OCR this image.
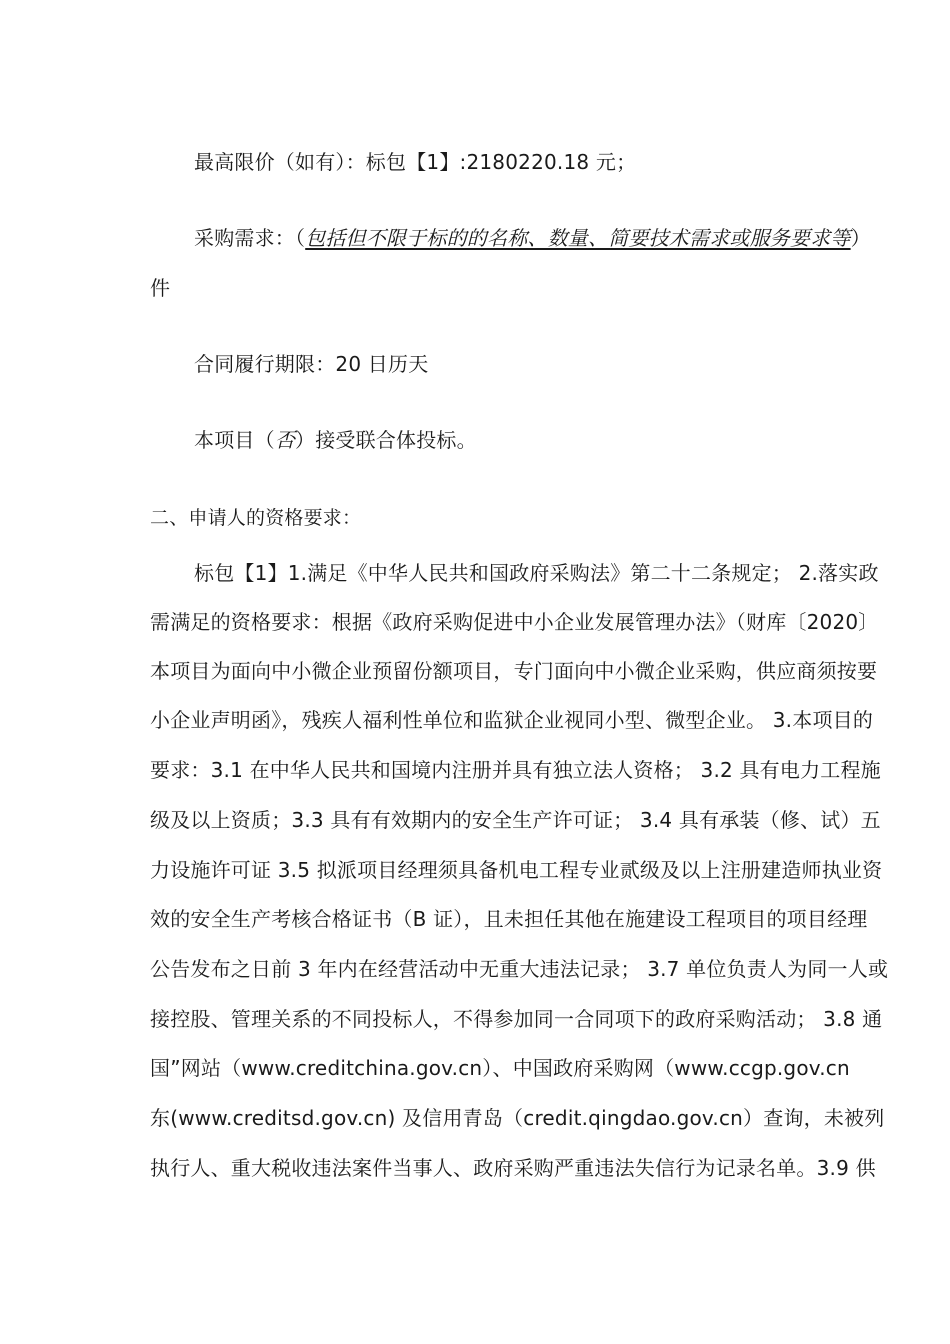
最高限价（如有）：标包【1】:2180220.18 元；
采购需求：（包括但不限于标的的名称、数量、简要技术需求或服务要求等）
件
合同履行期限：20 日历天
本项目（否）接受联合体投标。
二、申请人的资格要求：
标包【1】1.满足《中华人民共和国政府采购法》第二十二条规定； 2.落实政
需满足的资格要求：根据《政府采购促进中小企业发展管理办法》（财库〔2020〕
本项目为面向中小微企业预留份额项目，专门面向中小微企业采购，供应商须按要
小企业声明函》，残疾人福利性单位和监狱企业视同小型、微型企业。 3.本项目的
要求：3.1 在中华人民共和国境内注册并具有独立法人资格； 3.2 具有电力工程施
级及以上资质；3.3 具有有效期内的安全生产许可证； 3.4 具有承装（修、试）五
力设施许可证 3.5 拟派项目经理须具备机电工程专业贰级及以上注册建造师执业资
效的安全生产考核合格证书（B 证），且未担任其他在施建设工程项目的项目经理
公告发布之日前 3 年内在经营活动中无重大违法记录； 3.7 单位负责人为同一人或
接控股、管理关系的不同投标人，不得参加同一合同项下的政府采购活动； 3.8 通
国”网站（www.creditchina.gov.cn）、中国政府采购网（www.ccgp.gov.cn
东(www.creditsd.gov.cn) 及信用青岛（credit.qingdao.gov.cn）查询，未被列
执行人、重大税收违法案件当事人、政府采购严重违法失信行为记录名单。3.9 供
